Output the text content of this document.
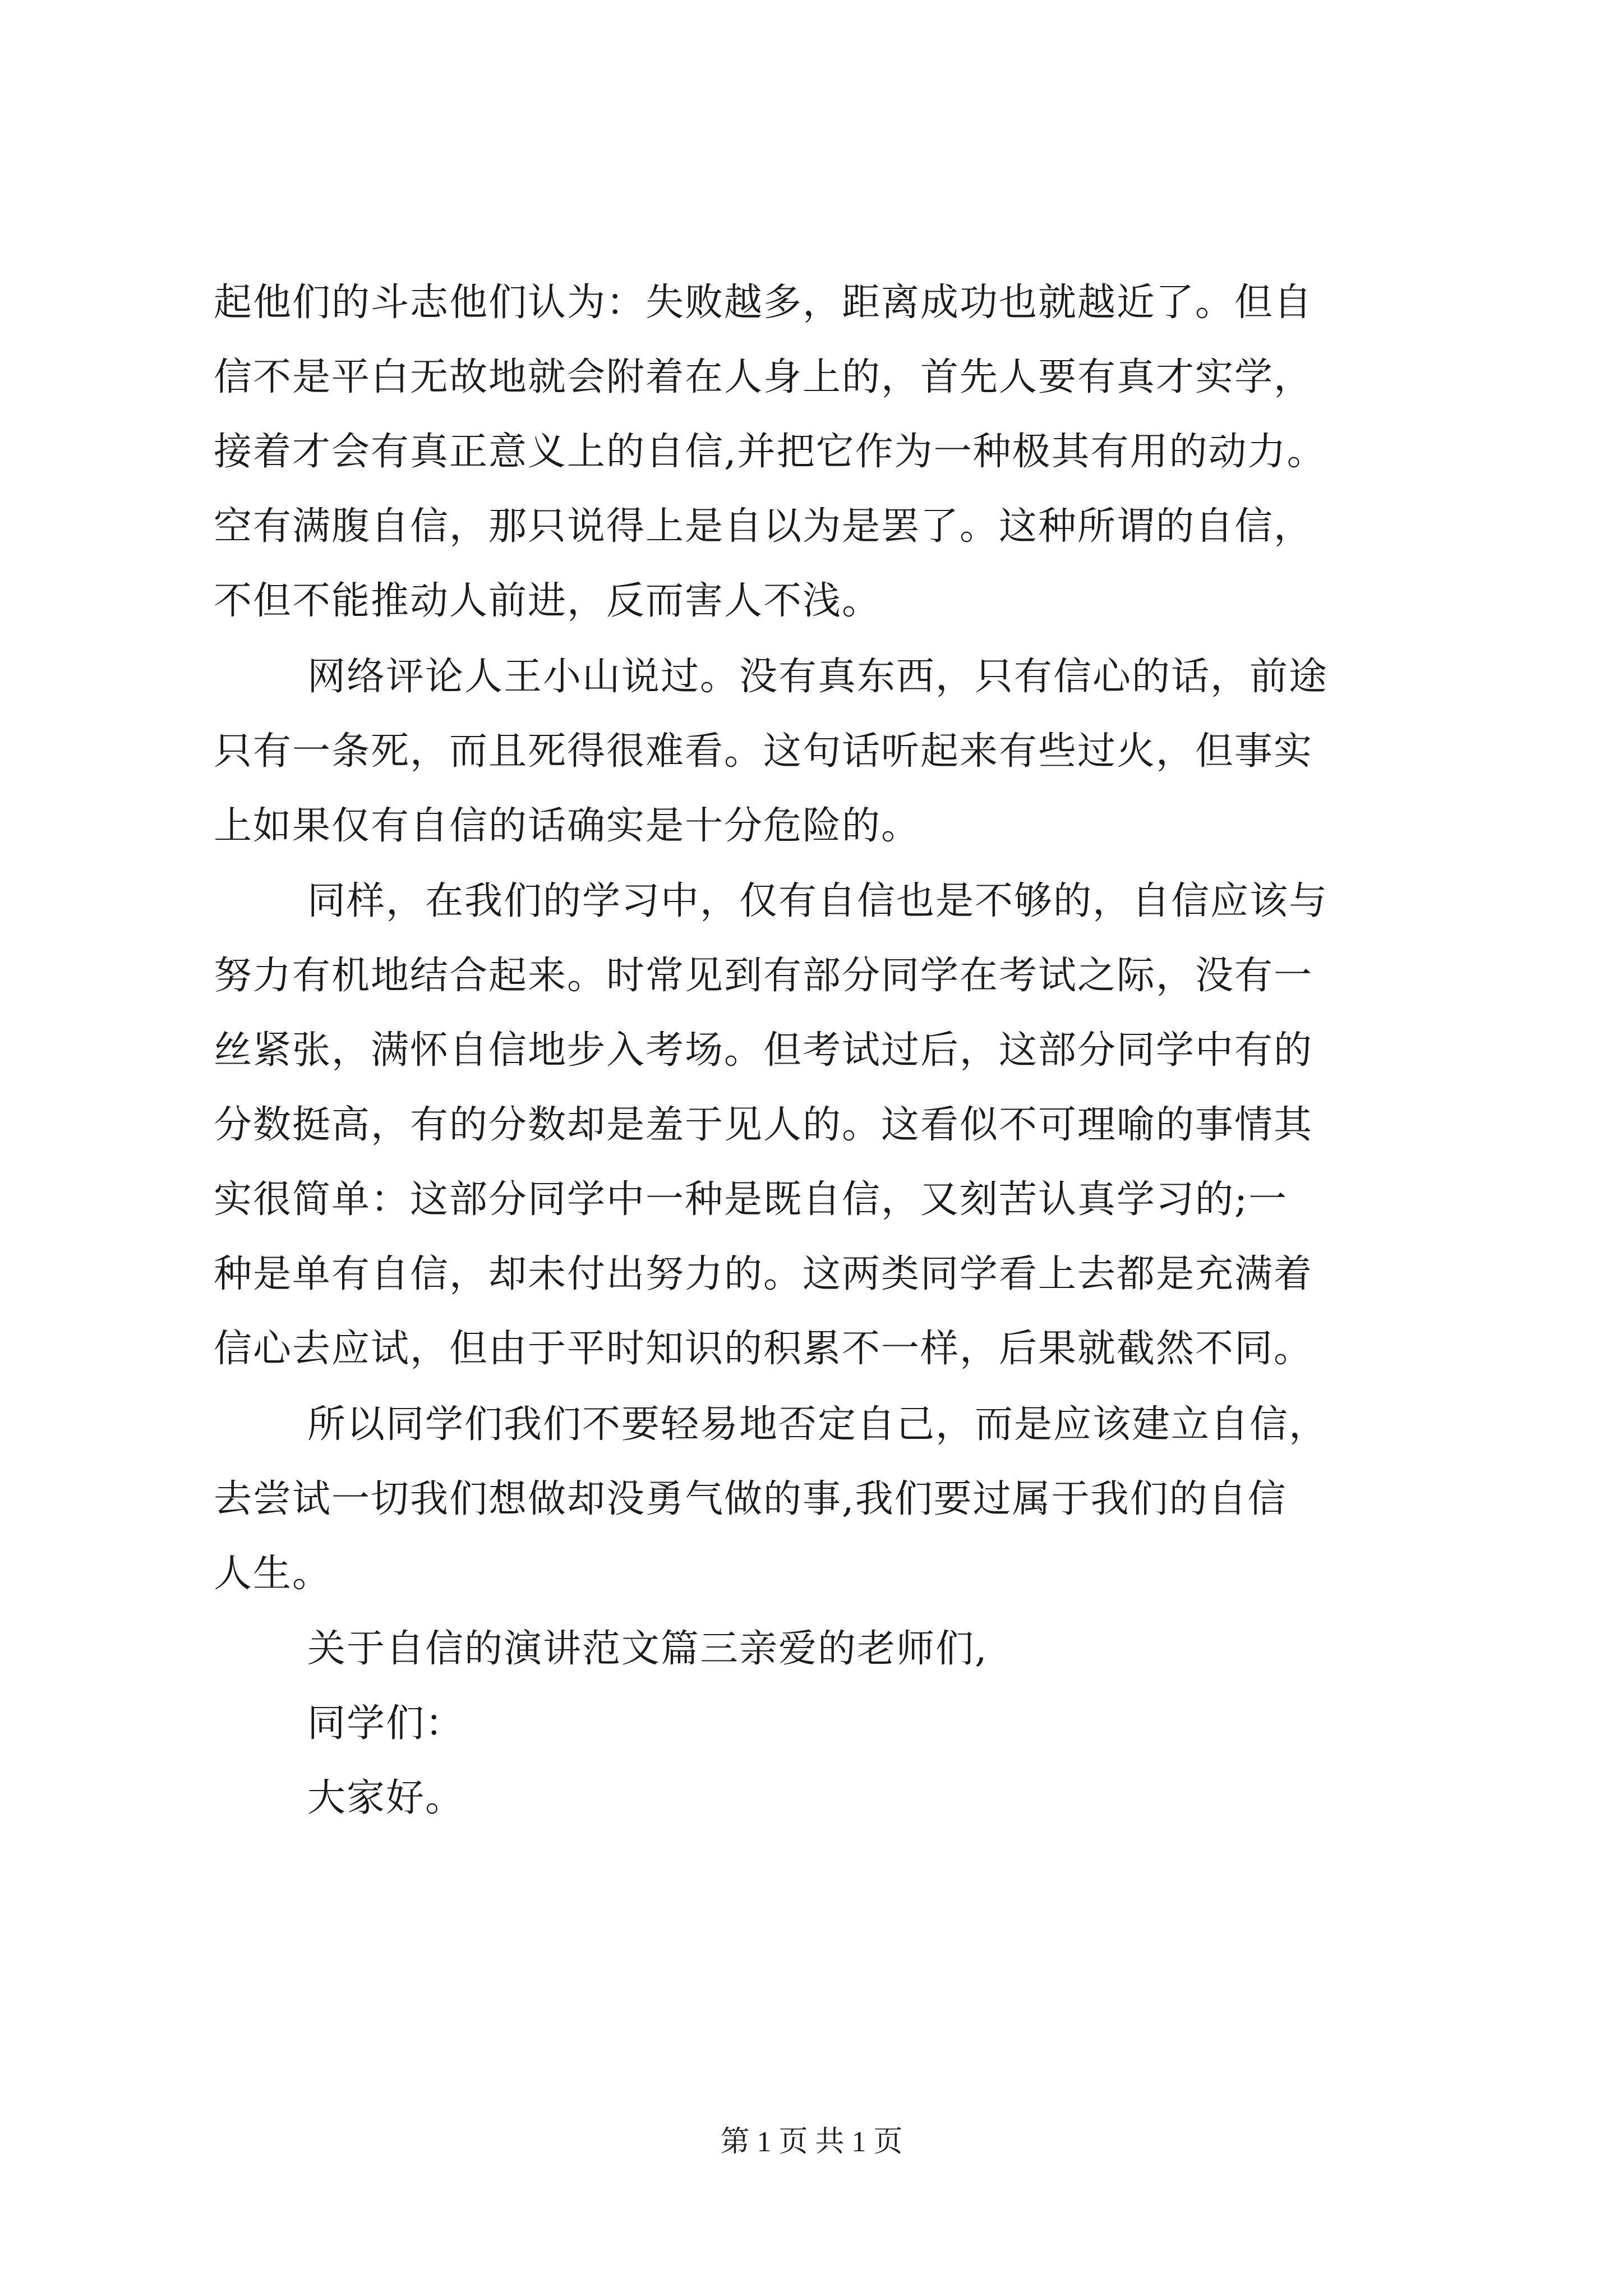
起他们的斗志他们认为：失败越多，距离成功也就越近了。但自
信不是平白无故地就会附着在人身上的，首先人要有真才实学，
接着才会有真正意义上的自信,并把它作为一种极其有用的动力。
空有满腹自信，那只说得上是自以为是罢了。这种所谓的自信，
不但不能推动人前进，反而害人不浅。
网络评论人王小山说过。没有真东西，只有信心的话，前途
只有一条死，而且死得很难看。这句话听起来有些过火，但事实
上如果仅有自信的话确实是十分危险的。
同样，在我们的学习中，仅有自信也是不够的，自信应该与
努力有机地结合起来。时常见到有部分同学在考试之际，没有一
丝紧张，满怀自信地步入考场。但考试过后，这部分同学中有的
分数挺高，有的分数却是羞于见人的。这看似不可理喻的事情其
实很简单：这部分同学中一种是既自信，又刻苦认真学习的;一
种是单有自信，却未付出努力的。这两类同学看上去都是充满着
信心去应试，但由于平时知识的积累不一样，后果就截然不同。
所以同学们我们不要轻易地否定自己，而是应该建立自信，
去尝试一切我们想做却没勇气做的事,我们要过属于我们的自信
人生。
关于自信的演讲范文篇三亲爱的老师们,
同学们：
大家好。
第 1 页 共 1 页
